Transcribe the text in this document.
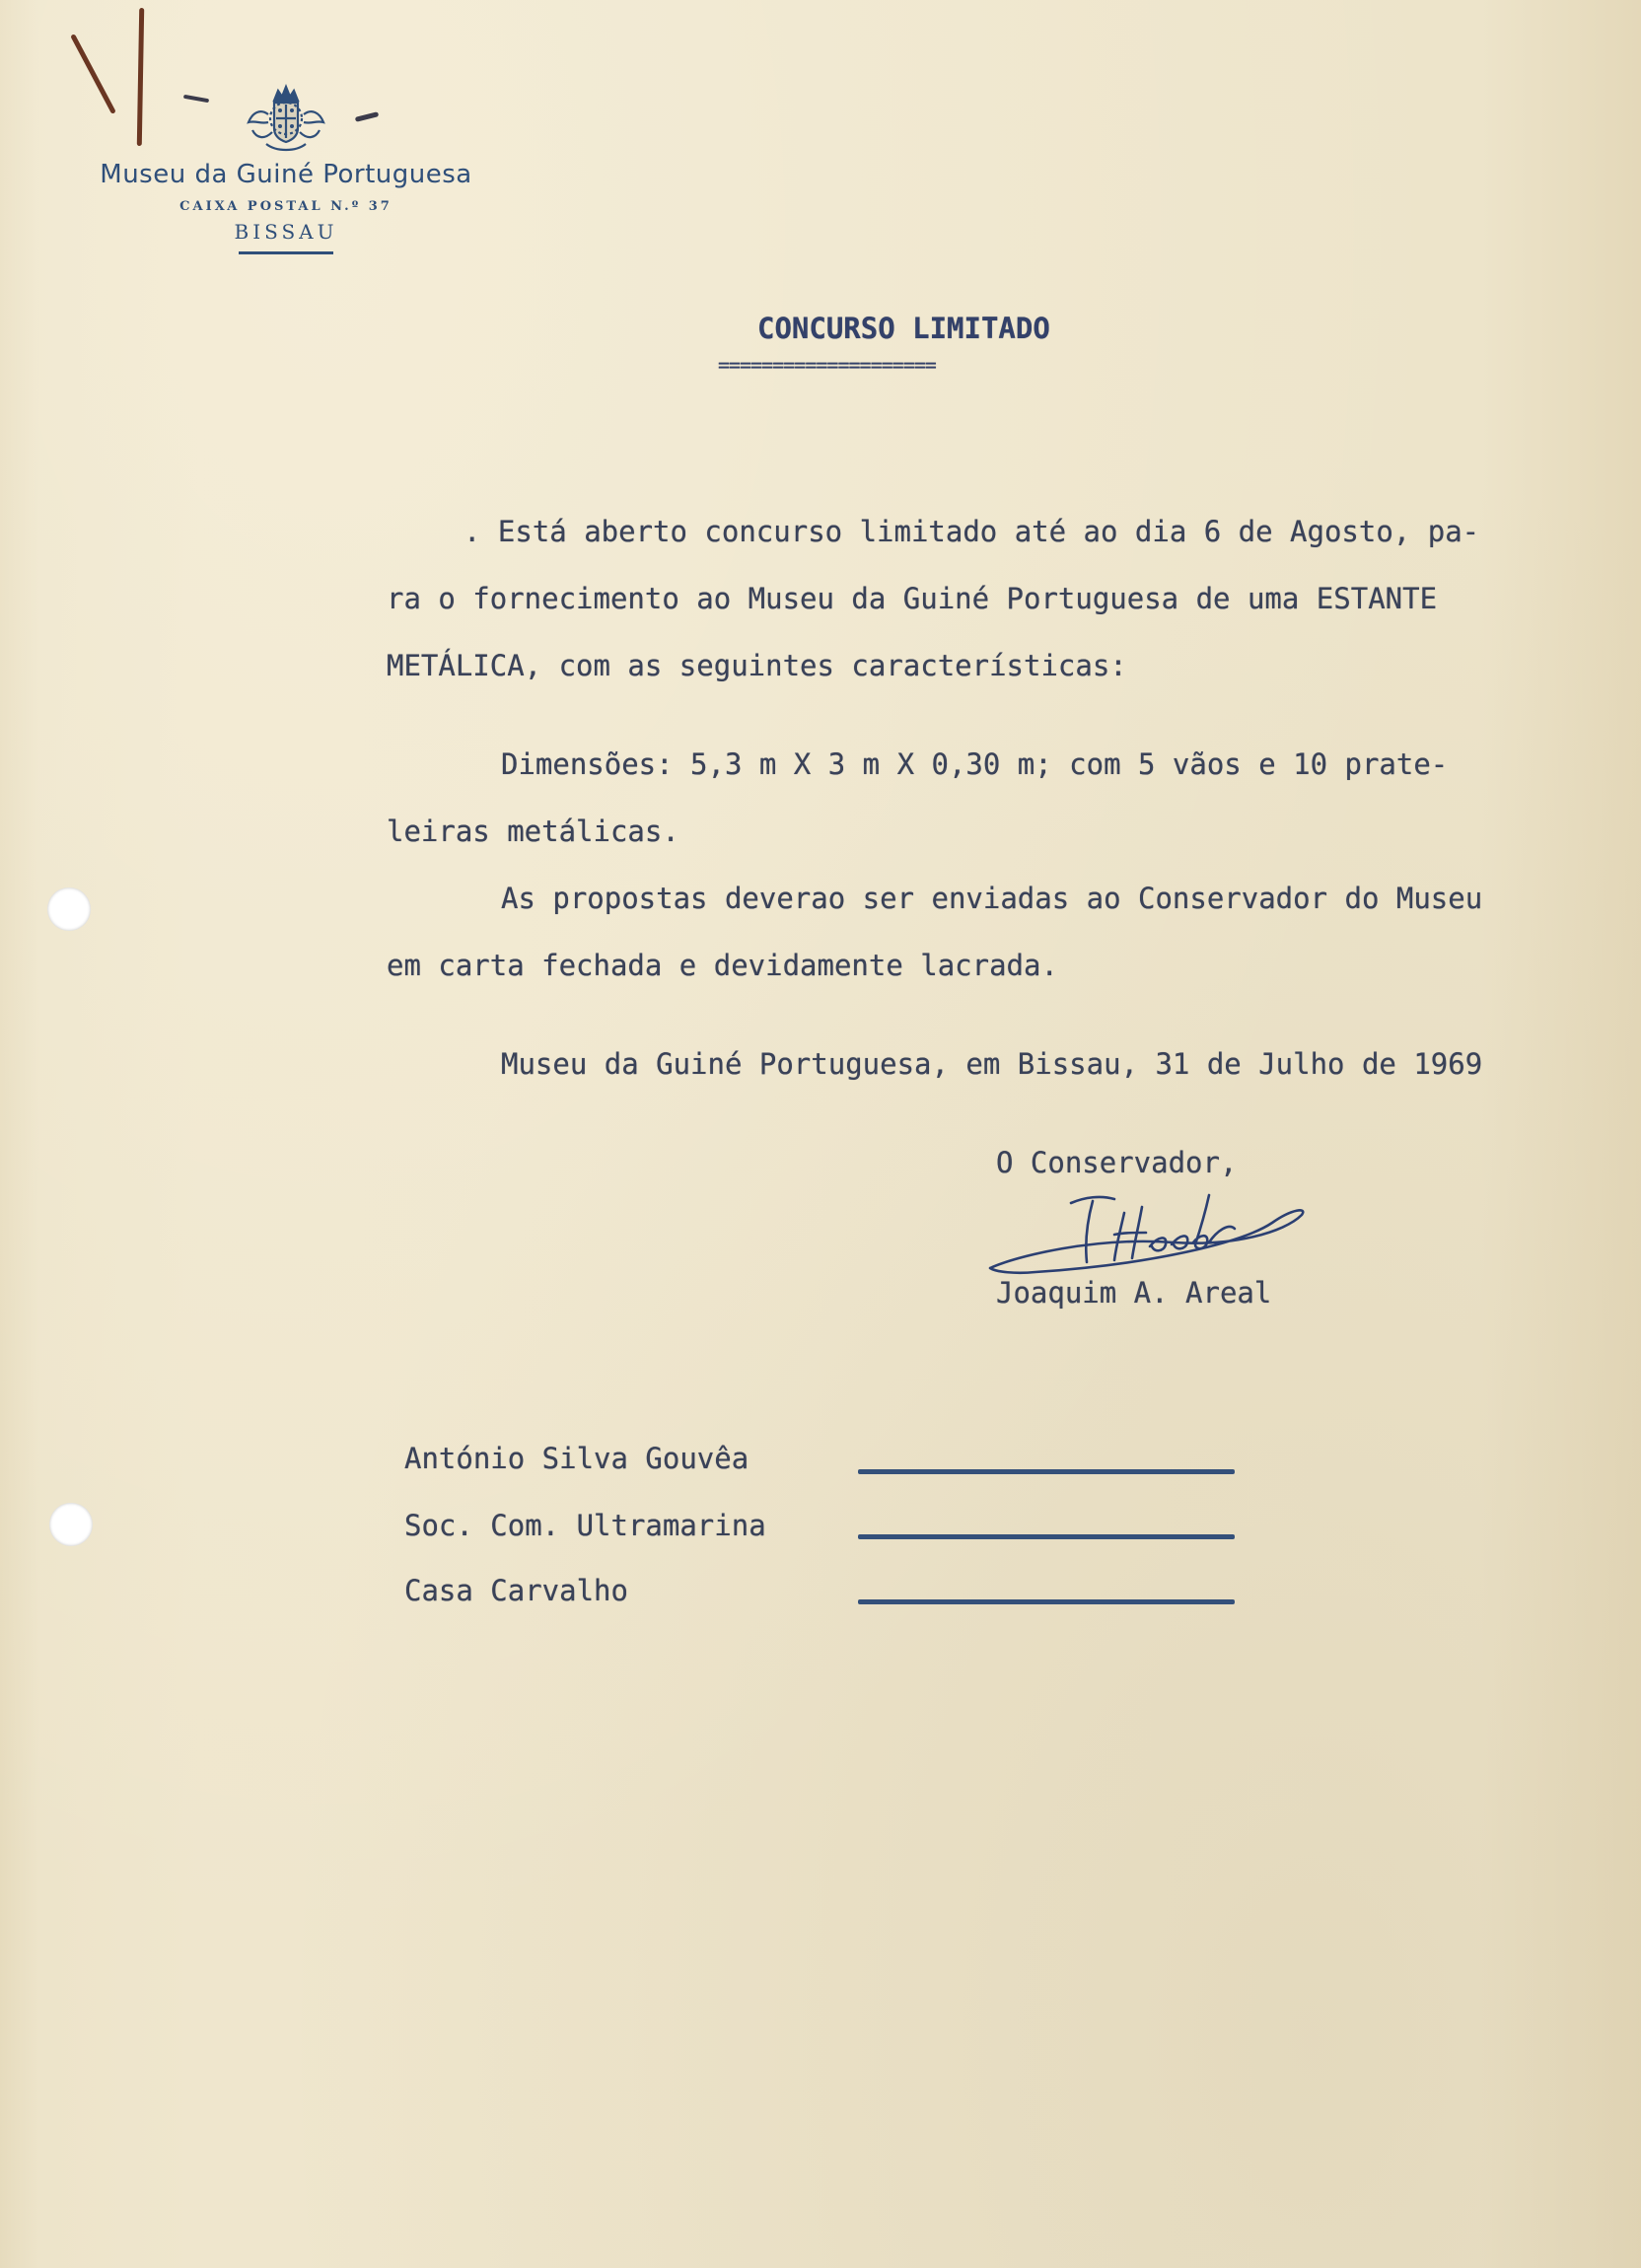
Museu da Guiné Portuguesa
CAIXA POSTAL N.º 37
BISSAU
CONCURSO LIMITADO
====================
. Está aberto concurso limitado até ao dia 6 de Agosto, pa-
ra o fornecimento ao Museu da Guiné Portuguesa de uma ESTANTE
METÁLICA, com as seguintes características:
Dimensões: 5,3 m X 3 m X 0,30 m; com 5 vãos e 10 prate-
leiras metálicas.
As propostas deverao ser enviadas ao Conservador do Museu
em carta fechada e devidamente lacrada.
Museu da Guiné Portuguesa, em Bissau, 31 de Julho de 1969
O Conservador,
Joaquim A. Areal
António Silva Gouvêa
Soc. Com. Ultramarina
Casa Carvalho
